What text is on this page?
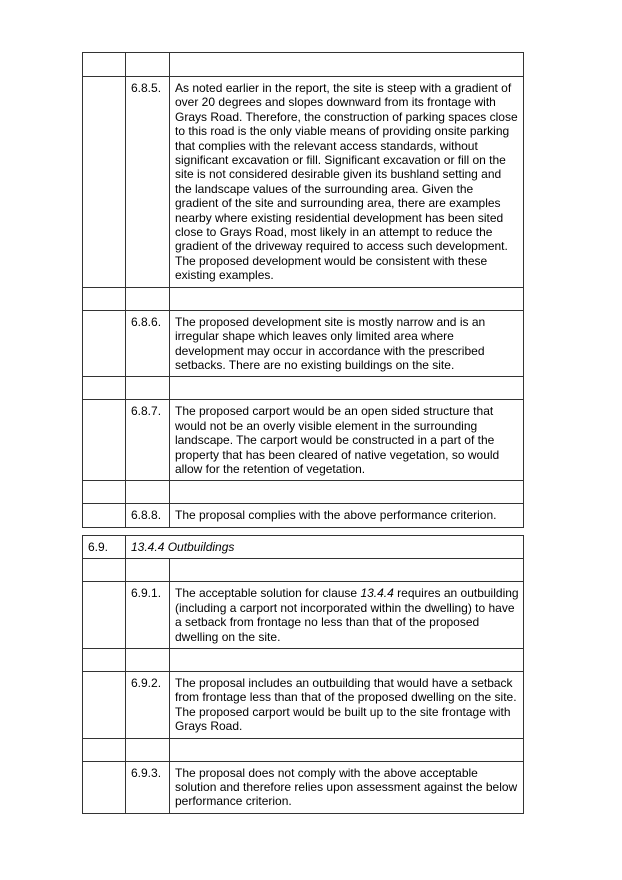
	6.8.5.	As noted earlier in the report, the site is steep with a gradient of over 20 degrees and slopes downward from its frontage with Grays Road. Therefore, the construction of parking spaces close to this road is the only viable means of providing onsite parking that complies with the relevant access standards, without significant excavation or fill. Significant excavation or fill on the site is not considered desirable given its bushland setting and the landscape values of the surrounding area. Given the gradient of the site and surrounding area, there are examples nearby where existing residential development has been sited close to Grays Road, most likely in an attempt to reduce the gradient of the driveway required to access such development. The proposed development would be consistent with these existing examples.

	6.8.6.	The proposed development site is mostly narrow and is an irregular shape which leaves only limited area where development may occur in accordance with the prescribed setbacks. There are no existing buildings on the site.

	6.8.7.	The proposed carport would be an open sided structure that would not be an overly visible element in the surrounding landscape. The carport would be constructed in a part of the property that has been cleared of native vegetation, so would allow for the retention of vegetation.

	6.8.8.	The proposal complies with the above performance criterion.
6.9.	13.4.4 Outbuildings	

	6.9.1.	The acceptable solution for clause 13.4.4 requires an outbuilding (including a carport not incorporated within the dwelling) to have a setback from frontage no less than that of the proposed dwelling on the site.

	6.9.2.	The proposal includes an outbuilding that would have a setback from frontage less than that of the proposed dwelling on the site. The proposed carport would be built up to the site frontage with Grays Road.

	6.9.3.	The proposal does not comply with the above acceptable solution and therefore relies upon assessment against the below performance criterion.
